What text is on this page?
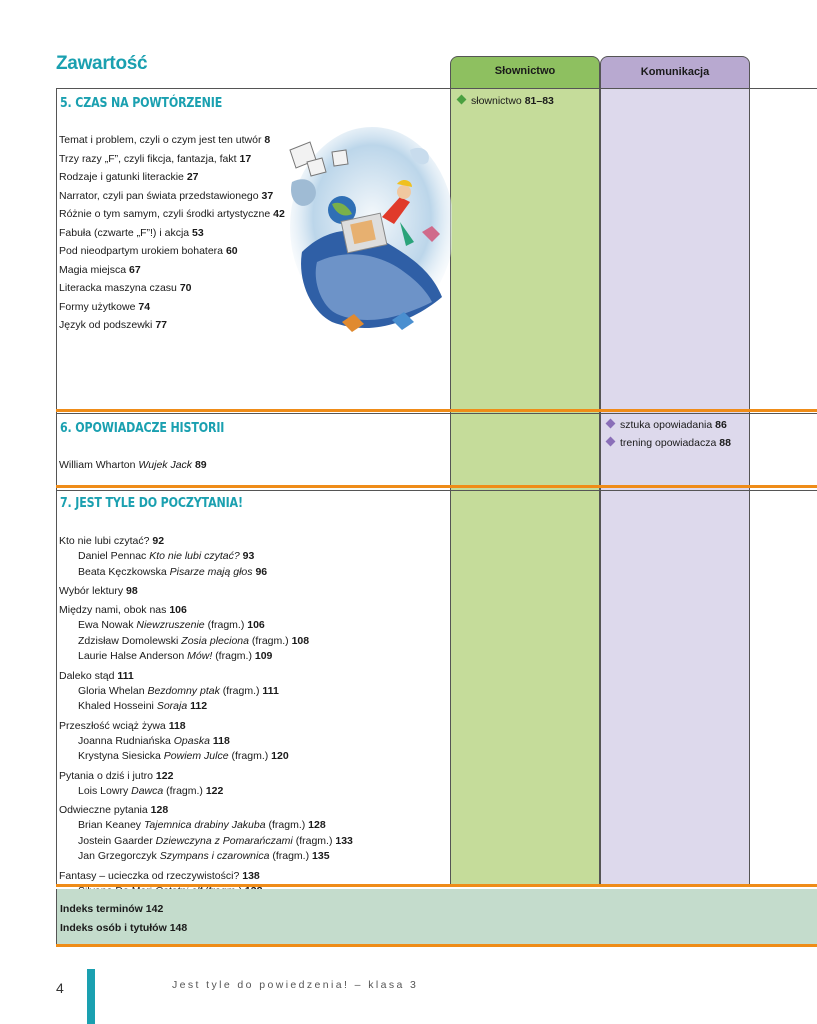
Zawartość	Słownictwo	Komunikacja
5. CZAS NA POWTÓRZENIE
Temat i problem, czyli o czym jest ten utwór 8
Trzy razy „F”, czyli fikcja, fantazja, fakt 17
Rodzaje i gatunki literackie 27
Narrator, czyli pan świata przedstawionego 37
Różnie o tym samym, czyli środki artystyczne 42
Fabuła (czwarte „F”!) i akcja 53
Pod nieodpartym urokiem bohatera 60
Magia miejsca 67
Literacka maszyna czasu 70
Formy użytkowe 74
Język od podszewki 77
słownictwo 81–83
6. OPOWIADACZE HISTORII
William Wharton Wujek Jack 89
sztuka opowiadania 86
trening opowiadacza 88
7. JEST TYLE DO POCZYTANIA!
Kto nie lubi czytać? 92
Daniel Pennac Kto nie lubi czytać? 93
Beata Kęczkowska Pisarze mają głos 96
Wybór lektury 98
Między nami, obok nas 106
Ewa Nowak Niewzruszenie (fragm.) 106
Zdzisław Domolewski Zosia pleciona (fragm.) 108
Laurie Halse Anderson Mów! (fragm.) 109
Daleko stąd 111
Gloria Whelan Bezdomny ptak (fragm.) 111
Khaled Hosseini Soraja 112
Przeszłość wciąż żywa 118
Joanna Rudniańska Opaska 118
Krystyna Siesicka Powiem Julce (fragm.) 120
Pytania o dziś i jutro 122
Lois Lowry Dawca (fragm.) 122
Odwieczne pytania 128
Brian Keaney Tajemnica drabiny Jakuba (fragm.) 128
Jostein Gaarder Dziewczyna z Pomarańczami (fragm.) 133
Jan Grzegorczyk Szympans i czarownica (fragm.) 135
Fantasy – ucieczka od rzeczywistości? 138
Indeks terminów 142
Indeks osób i tytułów 148
4	Jest tyle do powiedzenia! – klasa 3
